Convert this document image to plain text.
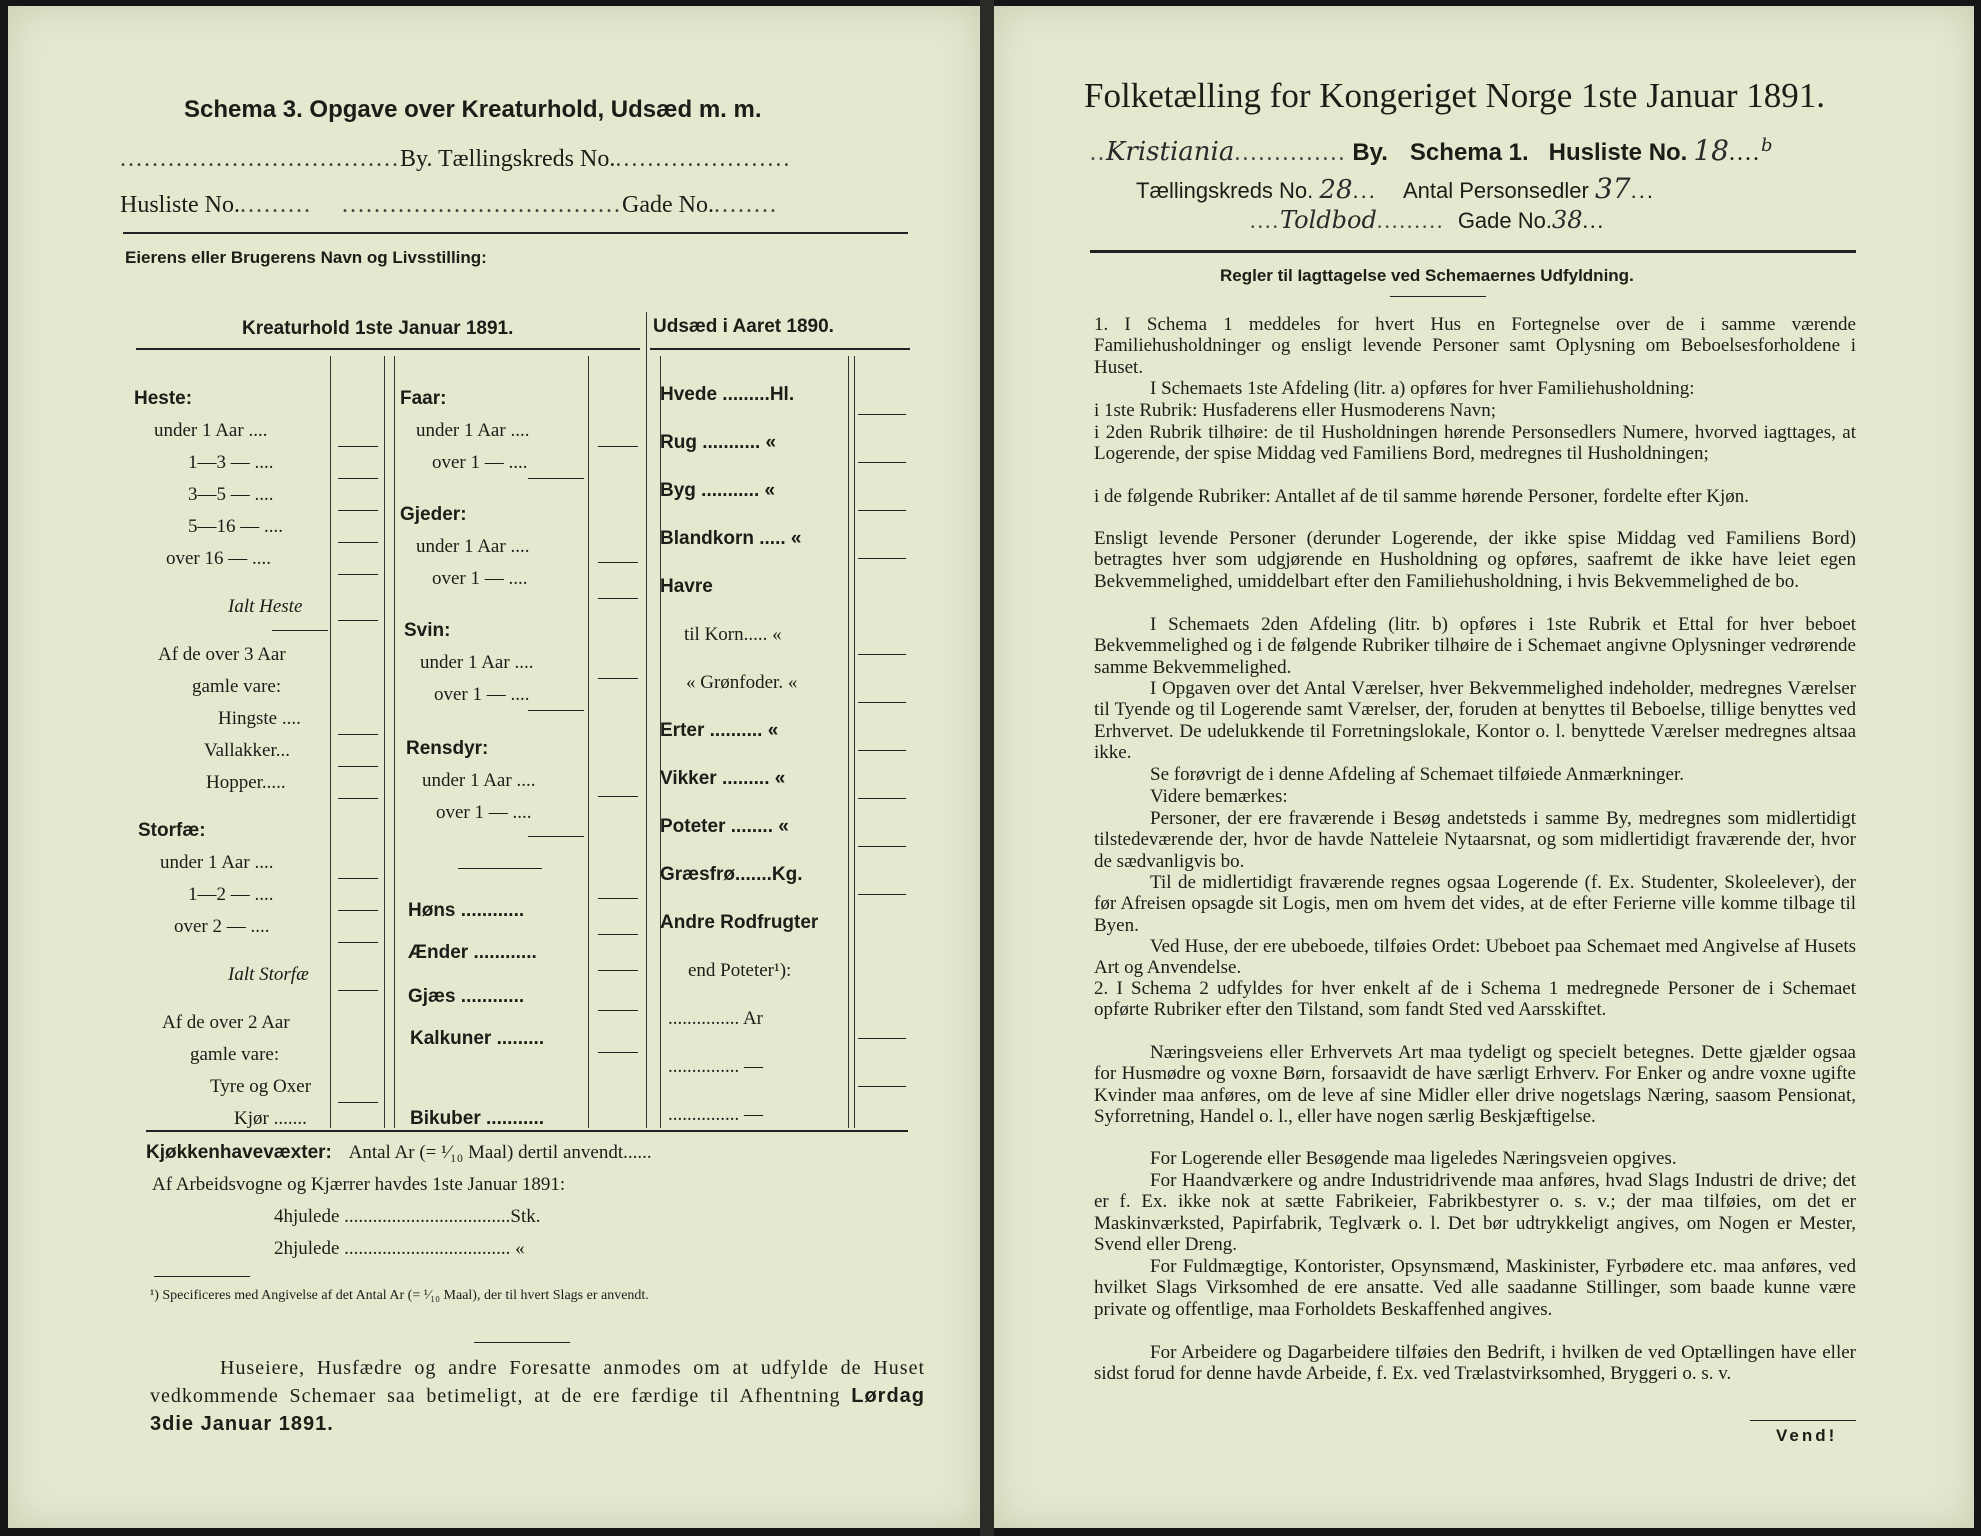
Schema 3. Opgave over Kreaturhold, Udsæd m. m.
...................................By. Tællingskreds No.......................
Husliste No.......... ...................................Gade No.........
Eierens eller Brugerens Navn og Livsstilling:
Kreaturhold 1ste Januar 1891.	Udsæd i Aaret 1890.
Heste:
under 1 Aar ....
1—3 — ....
3—5 — ....
5—16 — ....
over 16 — ....
Ialt Heste
Af de over 3 Aar
gamle vare:
Hingste ....
Vallakker...
Hopper.....
Storfæ:
under 1 Aar ....
1—2 — ....
over 2 — ....
Ialt Storfæ
Af de over 2 Aar
gamle vare:
Tyre og Oxer
Kjør .......
Faar:
under 1 Aar ....
over 1 — ....
Gjeder:
under 1 Aar ....
over 1 — ....
Svin:
under 1 Aar ....
over 1 — ....
Rensdyr:
under 1 Aar ....
over 1 — ....
Høns ............
Ænder ............
Gjæs ............
Kalkuner .........
Bikuber ...........
Hvede .........Hl.
Rug ........... «
Byg ........... «
Blandkorn ..... «
Havre
til Korn..... «
« Grønfoder. «
Erter .......... «
Vikker ......... «
Poteter ........ «
Græsfrø.......Kg.
Andre Rodfrugter
end Poteter¹):
............... Ar
............... —
............... —
Kjøkkenhavevæxter: Antal Ar (= ¹⁄₁₀ Maal) dertil anvendt......
Af Arbeidsvogne og Kjærrer havdes 1ste Januar 1891:
4hjulede ...................................Stk.
2hjulede ................................... «
¹) Specificeres med Angivelse af det Antal Ar (= ¹⁄₁₀ Maal), der til hvert Slags er anvendt.
Huseiere, Husfædre og andre Foresatte anmodes om at udfylde de Huset vedkommende Schemaer saa betimeligt, at de ere færdige til Afhentning Lørdag 3die Januar 1891.
Folketælling for Kongeriget Norge 1ste Januar 1891.
..Kristiania.............. By. Schema 1. Husliste No. 18....$^b$
Tællingskreds No. 28... Antal Personsedler 37...
....Toldbod......... Gade No.38...
Regler til Iagttagelse ved Schemaernes Udfyldning.
1. I Schema 1 meddeles for hvert Hus en Fortegnelse over de i samme værende Familiehusholdninger og ensligt levende Personer samt Oplysning om Beboelsesforholdene i Huset.
I Schemaets 1ste Afdeling (litr. a) opføres for hver Familiehusholdning:
i 1ste Rubrik: Husfaderens eller Husmoderens Navn;
i 2den Rubrik tilhøire: de til Husholdningen hørende Personsedlers Numere, hvorved iagttages, at Logerende, der spise Middag ved Familiens Bord, medregnes til Husholdningen;
i de følgende Rubriker: Antallet af de til samme hørende Personer, fordelte efter Kjøn.
Ensligt levende Personer (derunder Logerende, der ikke spise Middag ved Familiens Bord) betragtes hver som udgjørende en Husholdning og opføres, saafremt de ikke have leiet egen Bekvemmelighed, umiddelbart efter den Familiehusholdning, i hvis Bekvemmelighed de bo.
I Schemaets 2den Afdeling (litr. b) opføres i 1ste Rubrik et Ettal for hver beboet Bekvemmelighed og i de følgende Rubriker tilhøire de i Schemaet angivne Oplysninger vedrørende samme Bekvemmelighed.
I Opgaven over det Antal Værelser, hver Bekvemmelighed indeholder, medregnes Værelser til Tyende og til Logerende samt Værelser, der, foruden at benyttes til Beboelse, tillige benyttes ved Erhvervet. De udelukkende til Forretningslokale, Kontor o. l. benyttede Værelser medregnes altsaa ikke.
Se forøvrigt de i denne Afdeling af Schemaet tilføiede Anmærkninger.
Videre bemærkes:
Personer, der ere fraværende i Besøg andetsteds i samme By, medregnes som midlertidigt tilstedeværende der, hvor de havde Natteleie Nytaarsnat, og som midlertidigt fraværende der, hvor de sædvanligvis bo.
Til de midlertidigt fraværende regnes ogsaa Logerende (f. Ex. Studenter, Skoleelever), der før Afreisen opsagde sit Logis, men om hvem det vides, at de efter Ferierne ville komme tilbage til Byen.
Ved Huse, der ere ubeboede, tilføies Ordet: Ubeboet paa Schemaet med Angivelse af Husets Art og Anvendelse.
2. I Schema 2 udfyldes for hver enkelt af de i Schema 1 medregnede Personer de i Schemaet opførte Rubriker efter den Tilstand, som fandt Sted ved Aarsskiftet.
Næringsveiens eller Erhvervets Art maa tydeligt og specielt betegnes. Dette gjælder ogsaa for Husmødre og voxne Børn, forsaavidt de have særligt Erhverv. For Enker og andre voxne ugifte Kvinder maa anføres, om de leve af sine Midler eller drive nogetslags Næring, saasom Pensionat, Syforretning, Handel o. l., eller have nogen særlig Beskjæftigelse.
For Logerende eller Besøgende maa ligeledes Næringsveien opgives.
For Haandværkere og andre Industridrivende maa anføres, hvad Slags Industri de drive; det er f. Ex. ikke nok at sætte Fabrikeier, Fabrikbestyrer o. s. v.; der maa tilføies, om det er Maskinværksted, Papirfabrik, Teglværk o. l. Det bør udtrykkeligt angives, om Nogen er Mester, Svend eller Dreng.
For Fuldmægtige, Kontorister, Opsynsmænd, Maskinister, Fyrbødere etc. maa anføres, ved hvilket Slags Virksomhed de ere ansatte. Ved alle saadanne Stillinger, som baade kunne være private og offentlige, maa Forholdets Beskaffenhed angives.
For Arbeidere og Dagarbeidere tilføies den Bedrift, i hvilken de ved Optællingen have eller sidst forud for denne havde Arbeide, f. Ex. ved Trælastvirksomhed, Bryggeri o. s. v.
Vend!
